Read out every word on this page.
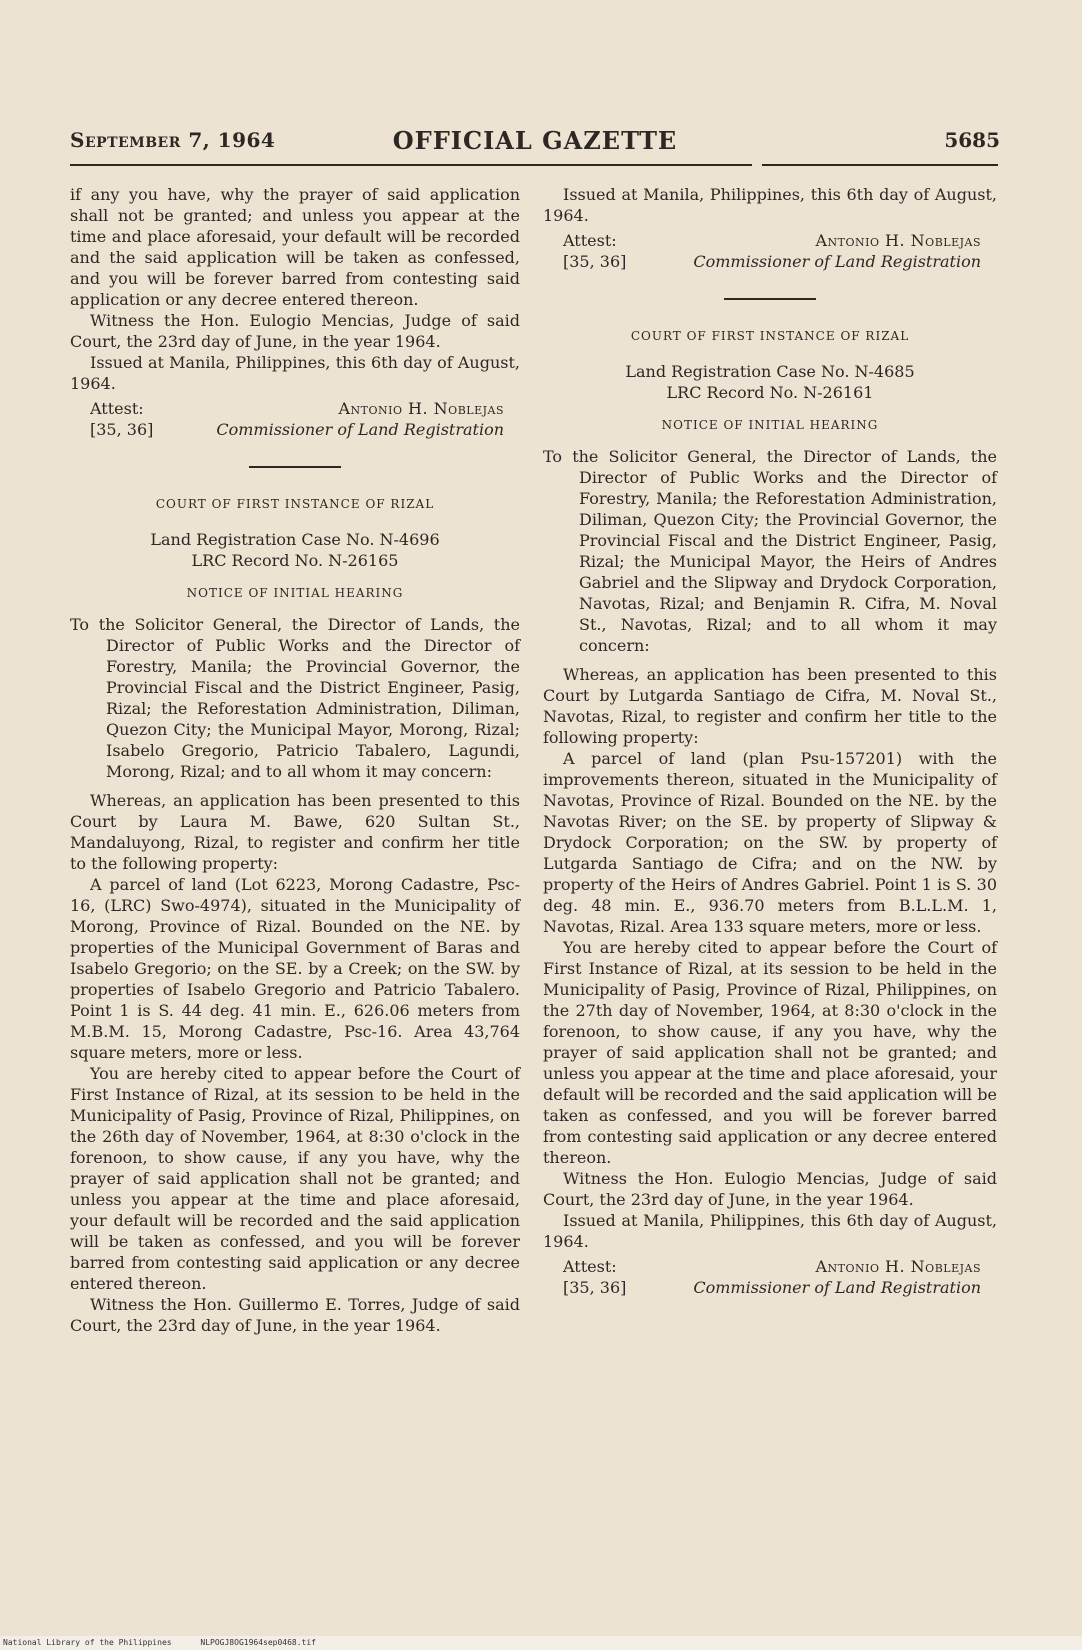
September 7, 1964	OFFICIAL GAZETTE	5685

if any you have, why the prayer of said application shall not be granted; and unless you appear at the time and place aforesaid, your default will be recorded and the said application will be taken as confessed, and you will be forever barred from contesting said application or any decree entered thereon.

Witness the Hon. Eulogio Mencias, Judge of said Court, the 23rd day of June, in the year 1964.

Issued at Manila, Philippines, this 6th day of August, 1964.

Attest:
[35, 36]
Antonio H. Noblejas
Commissioner of Land Registration

COURT OF FIRST INSTANCE OF RIZAL

Land Registration Case No. N-4696

LRC Record No. N-26165

NOTICE OF INITIAL HEARING

To the Solicitor General, the Director of Lands, the Director of Public Works and the Director of Forestry, Manila; the Provincial Governor, the Provincial Fiscal and the District Engineer, Pasig, Rizal; the Reforestation Administration, Diliman, Quezon City; the Municipal Mayor, Morong, Rizal; Isabelo Gregorio, Patricio Tabalero, Lagundi, Morong, Rizal; and to all whom it may concern:

Whereas, an application has been presented to this Court by Laura M. Bawe, 620 Sultan St., Mandaluyong, Rizal, to register and confirm her title to the following property:

A parcel of land (Lot 6223, Morong Cadastre, Psc-16, (LRC) Swo-4974), situated in the Municipality of Morong, Province of Rizal. Bounded on the NE. by properties of the Municipal Government of Baras and Isabelo Gregorio; on the SE. by a Creek; on the SW. by properties of Isabelo Gregorio and Patricio Tabalero. Point 1 is S. 44 deg. 41 min. E., 626.06 meters from M.B.M. 15, Morong Cadastre, Psc-16. Area 43,764 square meters, more or less.

You are hereby cited to appear before the Court of First Instance of Rizal, at its session to be held in the Municipality of Pasig, Province of Rizal, Philippines, on the 26th day of November, 1964, at 8:30 o'clock in the forenoon, to show cause, if any you have, why the prayer of said application shall not be granted; and unless you appear at the time and place aforesaid, your default will be recorded and the said application will be taken as confessed, and you will be forever barred from contesting said application or any decree entered thereon.

Witness the Hon. Guillermo E. Torres, Judge of said Court, the 23rd day of June, in the year 1964.

Issued at Manila, Philippines, this 6th day of August, 1964.

Attest:
[35, 36]
Antonio H. Noblejas
Commissioner of Land Registration

COURT OF FIRST INSTANCE OF RIZAL

Land Registration Case No. N-4685

LRC Record No. N-26161

NOTICE OF INITIAL HEARING

To the Solicitor General, the Director of Lands, the Director of Public Works and the Director of Forestry, Manila; the Reforestation Administration, Diliman, Quezon City; the Provincial Governor, the Provincial Fiscal and the District Engineer, Pasig, Rizal; the Municipal Mayor, the Heirs of Andres Gabriel and the Slipway and Drydock Corporation, Navotas, Rizal; and Benjamin R. Cifra, M. Noval St., Navotas, Rizal; and to all whom it may concern:

Whereas, an application has been presented to this Court by Lutgarda Santiago de Cifra, M. Noval St., Navotas, Rizal, to register and confirm her title to the following property:

A parcel of land (plan Psu-157201) with the improvements thereon, situated in the Municipality of Navotas, Province of Rizal. Bounded on the NE. by the Navotas River; on the SE. by property of Slipway & Drydock Corporation; on the SW. by property of Lutgarda Santiago de Cifra; and on the NW. by property of the Heirs of Andres Gabriel. Point 1 is S. 30 deg. 48 min. E., 936.70 meters from B.L.L.M. 1, Navotas, Rizal. Area 133 square meters, more or less.

You are hereby cited to appear before the Court of First Instance of Rizal, at its session to be held in the Municipality of Pasig, Province of Rizal, Philippines, on the 27th day of November, 1964, at 8:30 o'clock in the forenoon, to show cause, if any you have, why the prayer of said application shall not be granted; and unless you appear at the time and place aforesaid, your default will be recorded and the said application will be taken as confessed, and you will be forever barred from contesting said application or any decree entered thereon.

Witness the Hon. Eulogio Mencias, Judge of said Court, the 23rd day of June, in the year 1964.

Issued at Manila, Philippines, this 6th day of August, 1964.

Attest:
[35, 36]
Antonio H. Noblejas
Commissioner of Land Registration
National Library of the Philippines	NLPOGJ8OG1964sep0468.tif
